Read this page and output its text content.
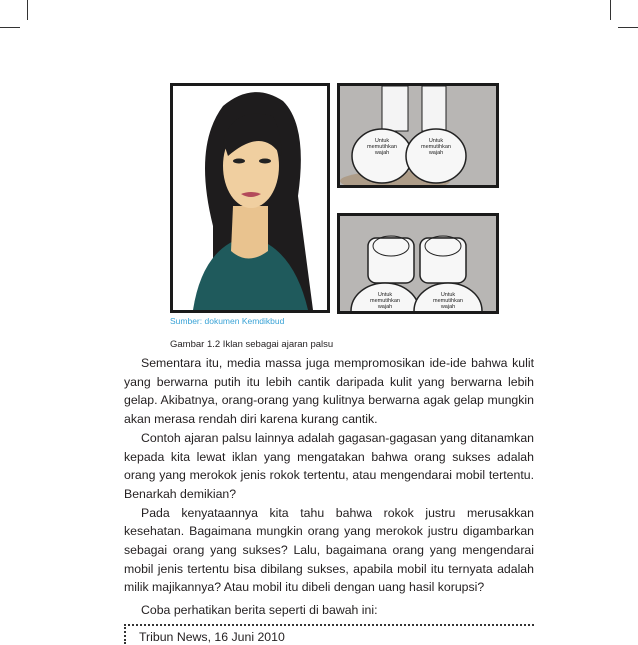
Untuk memutihkan wajah
Untuk memutihkan wajah
Untuk memutihkan wajah
Untuk memutihkan wajah
Sumber: dokumen Kemdikbud
Gambar 1.2 Iklan sebagai ajaran palsu

Sementara itu, media massa juga mempromosikan ide-ide bahwa kulit yang berwarna putih itu lebih cantik daripada kulit yang berwarna lebih gelap. Akibatnya, orang-orang yang kulitnya berwarna agak gelap mungkin akan merasa rendah diri karena kurang cantik.

Contoh ajaran palsu lainnya adalah gagasan-gagasan yang ditanamkan kepada kita lewat iklan yang mengatakan bahwa orang sukses adalah orang yang merokok jenis rokok tertentu, atau mengendarai mobil tertentu. Benarkah demikian?

Pada kenyataannya kita tahu bahwa rokok justru merusakkan kesehatan. Bagaimana mungkin orang yang merokok justru digambarkan sebagai orang yang sukses? Lalu, bagaimana orang yang mengendarai mobil jenis tertentu bisa dibilang sukses, apabila mobil itu ternyata adalah milik majikannya? Atau mobil itu dibeli dengan uang hasil korupsi?

Coba perhatikan berita seperti di bawah ini:

Tribun News, 16 Juni 2010
